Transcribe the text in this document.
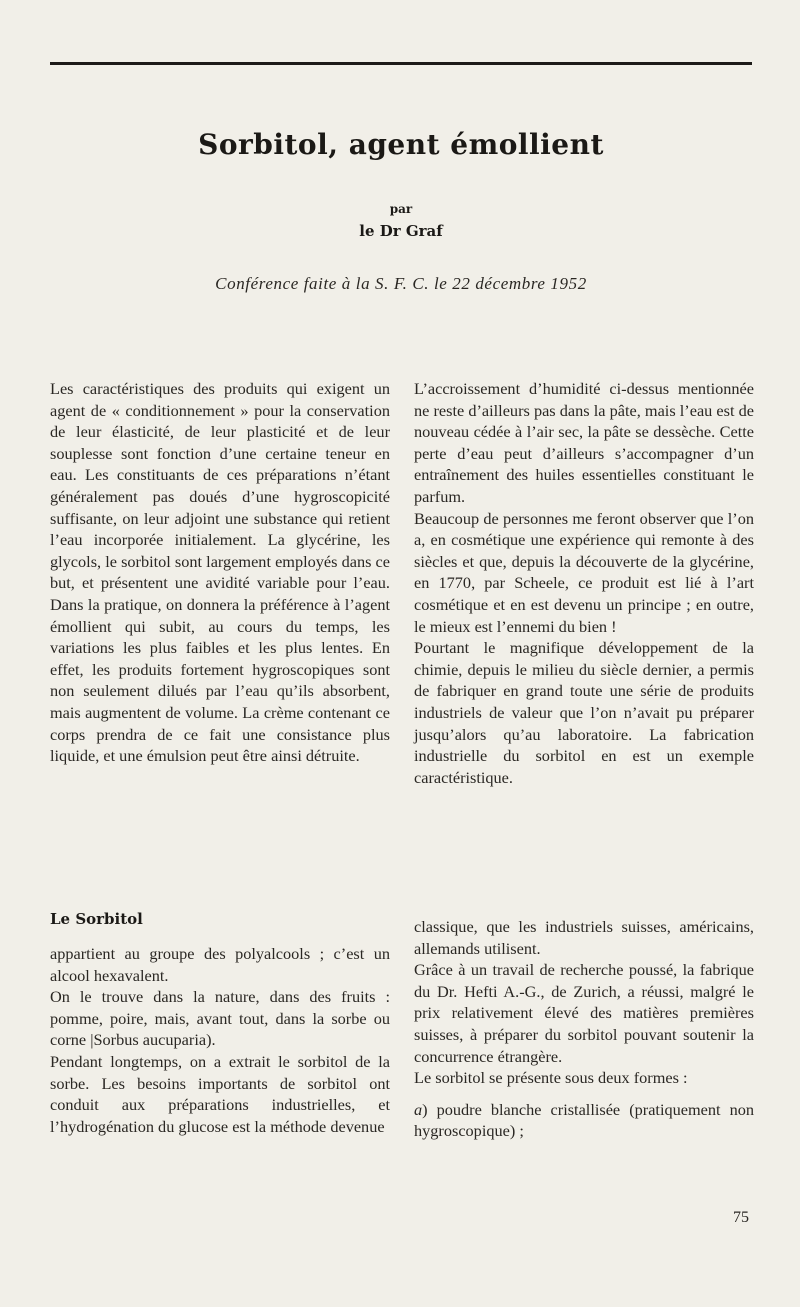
Sorbitol, agent émollient
par
le Dr Graf
Conférence faite à la S. F. C. le 22 décembre 1952

Les caractéristiques des produits qui exigent un agent de « conditionnement » pour la conservation de leur élasticité, de leur plasticité et de leur souplesse sont fonction d’une certaine teneur en eau. Les constituants de ces préparations n’étant généralement pas doués d’une hygroscopicité suffisante, on leur adjoint une substance qui retient l’eau incorporée initialement. La glycérine, les glycols, le sorbitol sont largement employés dans ce but, et présentent une avidité variable pour l’eau. Dans la pratique, on donnera la préférence à l’agent émollient qui subit, au cours du temps, les variations les plus faibles et les plus lentes. En effet, les produits fortement hygroscopiques sont non seulement dilués par l’eau qu’ils absorbent, mais augmentent de volume. La crème contenant ce corps prendra de ce fait une consistance plus liquide, et une émulsion peut être ainsi détruite.

L’accroissement d’humidité ci-dessus mentionnée ne reste d’ailleurs pas dans la pâte, mais l’eau est de nouveau cédée à l’air sec, la pâte se dessèche. Cette perte d’eau peut d’ailleurs s’accompagner d’un entraînement des huiles essentielles constituant le parfum.

Beaucoup de personnes me feront observer que l’on a, en cosmétique une expérience qui remonte à des siècles et que, depuis la découverte de la glycérine, en 1770, par Scheele, ce produit est lié à l’art cosmétique et en est devenu un principe ; en outre, le mieux est l’ennemi du bien !

Pourtant le magnifique développement de la chimie, depuis le milieu du siècle dernier, a permis de fabriquer en grand toute une série de produits industriels de valeur que l’on n’avait pu préparer jusqu’alors qu’au laboratoire. La fabrication industrielle du sorbitol en est un exemple caractéristique.

Le Sorbitol

appartient au groupe des polyalcools ; c’est un alcool hexavalent.

On le trouve dans la nature, dans des fruits : pomme, poire, mais, avant tout, dans la sorbe ou corne |Sorbus aucuparia).

Pendant longtemps, on a extrait le sorbitol de la sorbe. Les besoins importants de sorbitol ont conduit aux préparations industrielles, et l’hydrogénation du glucose est la méthode devenue

classique, que les industriels suisses, américains, allemands utilisent.

Grâce à un travail de recherche poussé, la fabrique du Dr. Hefti A.-G., de Zurich, a réussi, malgré le prix relativement élevé des matières premières suisses, à préparer du sorbitol pouvant soutenir la concurrence étrangère.

Le sorbitol se présente sous deux formes :

a) poudre blanche cristallisée (pratiquement non hygroscopique) ;

75
